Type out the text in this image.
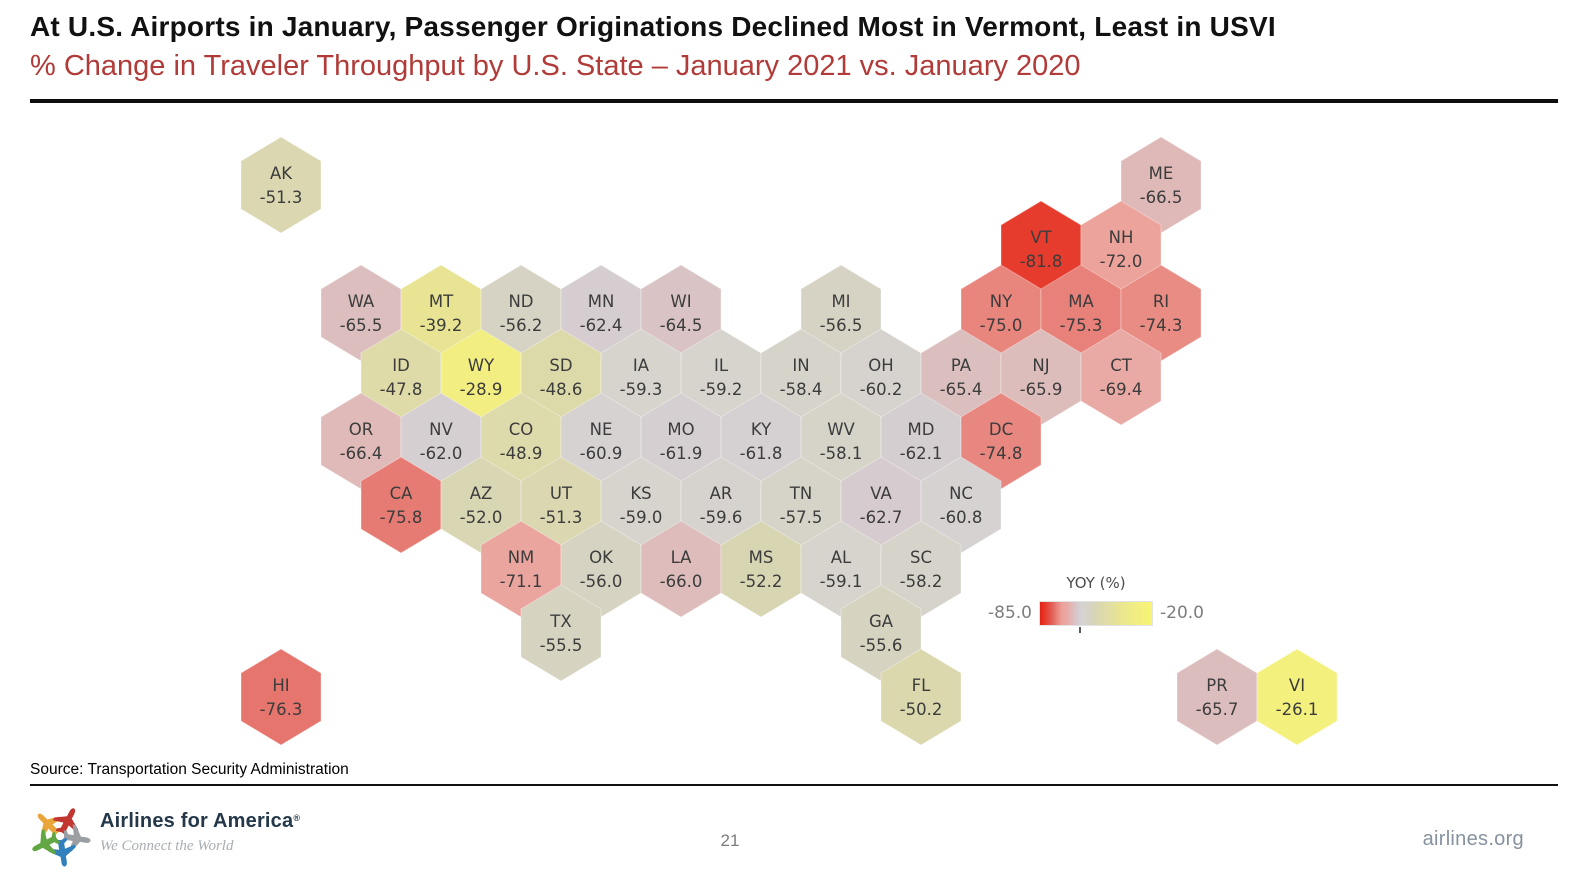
At U.S. Airports in January, Passenger Originations Declined Most in Vermont, Least in USVI
% Change in Traveler Throughput by U.S. State – January 2021 vs. January 2020
AK
-51.3
ME
-66.5
VT
-81.8
NH
-72.0
WA
-65.5
MT
-39.2
ND
-56.2
MN
-62.4
WI
-64.5
MI
-56.5
NY
-75.0
MA
-75.3
RI
-74.3
ID
-47.8
WY
-28.9
SD
-48.6
IA
-59.3
IL
-59.2
IN
-58.4
OH
-60.2
PA
-65.4
NJ
-65.9
CT
-69.4
OR
-66.4
NV
-62.0
CO
-48.9
NE
-60.9
MO
-61.9
KY
-61.8
WV
-58.1
MD
-62.1
DC
-74.8
CA
-75.8
AZ
-52.0
UT
-51.3
KS
-59.0
AR
-59.6
TN
-57.5
VA
-62.7
NC
-60.8
NM
-71.1
OK
-56.0
LA
-66.0
MS
-52.2
AL
-59.1
SC
-58.2
TX
-55.5
GA
-55.6
HI
-76.3
FL
-50.2
PR
-65.7
VI
-26.1
YOY (%)
-85.0	-20.0
Source: Transportation Security Administration
Airlines for America®
We Connect the World	21	airlines.org
